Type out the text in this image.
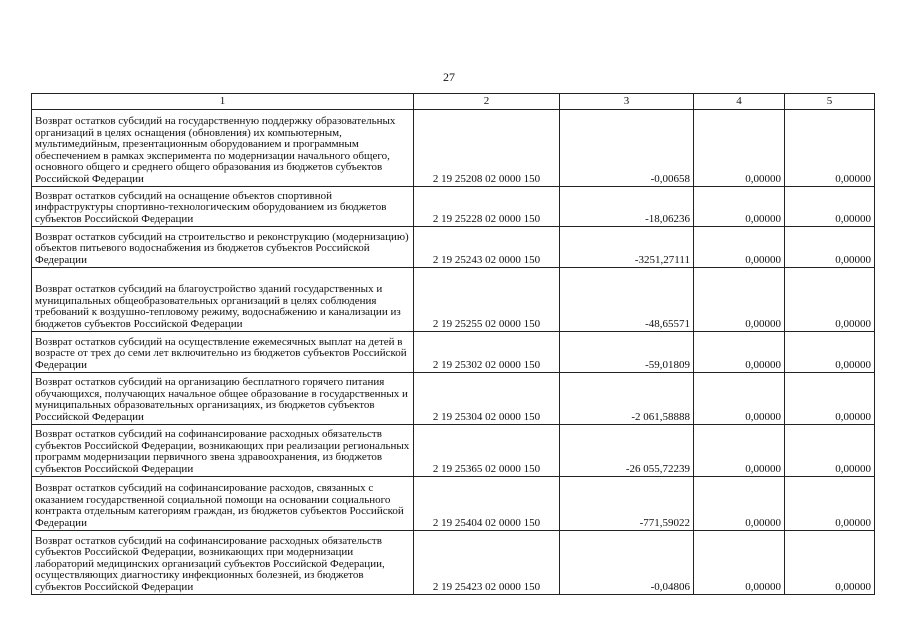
27
1	2	3	4	5
Возврат остатков субсидий на государственную поддержку образовательных организаций в целях оснащения (обновления) их компьютерным, мультимедийным, презентационным оборудованием и программным обеспечением в рамках эксперимента по модернизации начального общего, основного общего и среднего общего образования из бюджетов субъектов Российской Федерации	2 19 25208 02 0000 150	-0,00658	0,00000	0,00000
Возврат остатков субсидий на оснащение объектов спортивной инфраструктуры спортивно-технологическим оборудованием из бюджетов субъектов Российской Федерации	2 19 25228 02 0000 150	-18,06236	0,00000	0,00000
Возврат остатков субсидий на строительство и реконструкцию (модернизацию) объектов питьевого водоснабжения из бюджетов субъектов Российской Федерации	2 19 25243 02 0000 150	-3251,27111	0,00000	0,00000
Возврат остатков субсидий на благоустройство зданий государственных и муниципальных общеобразовательных организаций в целях соблюдения требований к воздушно-тепловому режиму, водоснабжению и канализации из бюджетов субъектов Российской Федерации	2 19 25255 02 0000 150	-48,65571	0,00000	0,00000
Возврат остатков субсидий на осуществление ежемесячных выплат на детей в возрасте от трех до семи лет включительно из бюджетов субъектов Российской Федерации	2 19 25302 02 0000 150	-59,01809	0,00000	0,00000
Возврат остатков субсидий на организацию бесплатного горячего питания обучающихся, получающих начальное общее образование в государственных и муниципальных образовательных организациях, из бюджетов субъектов Российской Федерации	2 19 25304 02 0000 150	-2 061,58888	0,00000	0,00000
Возврат остатков субсидий на софинансирование расходных обязательств субъектов Российской Федерации, возникающих при реализации региональных программ модернизации первичного звена здравоохранения, из бюджетов субъектов Российской Федерации	2 19 25365 02 0000 150	-26 055,72239	0,00000	0,00000
Возврат остатков субсидий на софинансирование расходов, связанных с оказанием государственной социальной помощи на основании социального контракта отдельным категориям граждан, из бюджетов субъектов Российской Федерации	2 19 25404 02 0000 150	-771,59022	0,00000	0,00000
Возврат остатков субсидий на софинансирование расходных обязательств субъектов Российской Федерации, возникающих при модернизации лабораторий медицинских организаций субъектов Российской Федерации, осуществляющих диагностику инфекционных болезней, из бюджетов субъектов Российской Федерации	2 19 25423 02 0000 150	-0,04806	0,00000	0,00000
